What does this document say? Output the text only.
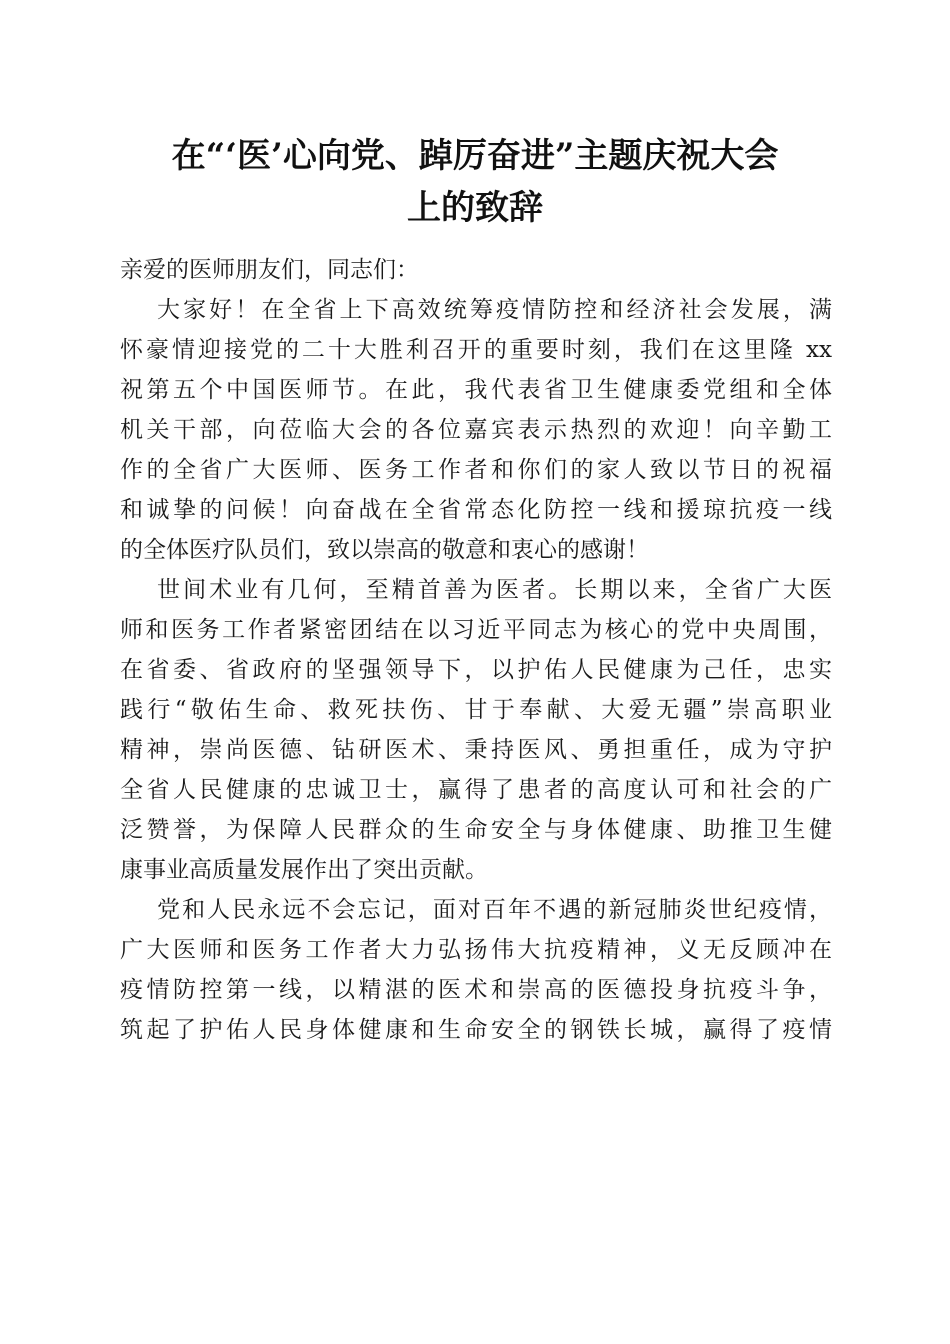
在“‘医’心向党、踔厉奋进”主题庆祝大会
上的致辞

亲爱的医师朋友们，同志们：

大家好！在全省上下高效统筹疫情防控和经济社会发展，满
怀豪情迎接党的二十大胜利召开的重要时刻，我们在这里隆 xx
祝第五个中国医师节。在此，我代表省卫生健康委党组和全体
机关干部，向莅临大会的各位嘉宾表示热烈的欢迎！向辛勤工
作的全省广大医师、医务工作者和你们的家人致以节日的祝福
和诚挚的问候！向奋战在全省常态化防控一线和援琼抗疫一线
的全体医疗队员们，致以崇高的敬意和衷心的感谢！
世间术业有几何，至精首善为医者。长期以来，全省广大医
师和医务工作者紧密团结在以习近平同志为核心的党中央周围，
在省委、省政府的坚强领导下，以护佑人民健康为己任，忠实
践行“敬佑生命、救死扶伤、甘于奉献、大爱无疆”崇高职业
精神，崇尚医德、钻研医术、秉持医风、勇担重任，成为守护
全省人民健康的忠诚卫士，赢得了患者的高度认可和社会的广
泛赞誉，为保障人民群众的生命安全与身体健康、助推卫生健
康事业高质量发展作出了突出贡献。
党和人民永远不会忘记，面对百年不遇的新冠肺炎世纪疫情，
广大医师和医务工作者大力弘扬伟大抗疫精神，义无反顾冲在
疫情防控第一线，以精湛的医术和崇高的医德投身抗疫斗争，
筑起了护佑人民身体健康和生命安全的钢铁长城，赢得了疫情
